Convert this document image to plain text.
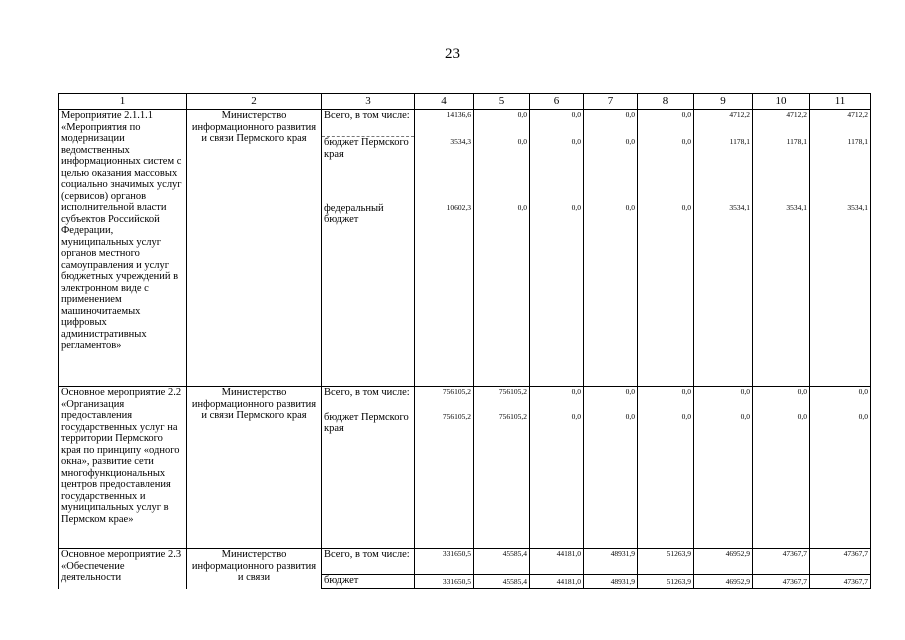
23
1	2	3	4	5	6	7	8	9	10	11
Мероприятие 2.1.1.1 «Мероприятия по модернизации ведомственных информационных систем с целью оказания массовых социально значимых услуг (сервисов) органов исполнительной власти субъектов Российской Федерации, муниципальных услуг органов местного самоуправления и услуг бюджетных учреждений в электронном виде с применением машиночитаемых цифровых административных регламентов»	Министерство информационного развития и связи Пермского края	Всего, в том числе:	14136,6	0,0	0,0	0,0	0,0	4712,2	4712,2	4712,2
		бюджет Пермского края	3534,3	0,0	0,0	0,0	0,0	1178,1	1178,1	1178,1
		федеральный бюджет	10602,3	0,0	0,0	0,0	0,0	3534,1	3534,1	3534,1
Основное мероприятие 2.2 «Организация предоставления государственных услуг на территории Пермского края по принципу «одного окна», развитие сети многофункциональных центров предоставления государственных и муниципальных услуг в Пермском крае»	Министерство информационного развития и связи Пермского края	Всего, в том числе:	756105,2	756105,2	0,0	0,0	0,0	0,0	0,0	0,0
		бюджет Пермского края	756105,2	756105,2	0,0	0,0	0,0	0,0	0,0	0,0
Основное мероприятие 2.3 «Обеспечение деятельности	Министерство информационного развития и связи	Всего, в том числе:	331650,5	45585,4	44181,0	48931,9	51263,9	46952,9	47367,7	47367,7
		бюджет	331650,5	45585,4	44181,0	48931,9	51263,9	46952,9	47367,7	47367,7
